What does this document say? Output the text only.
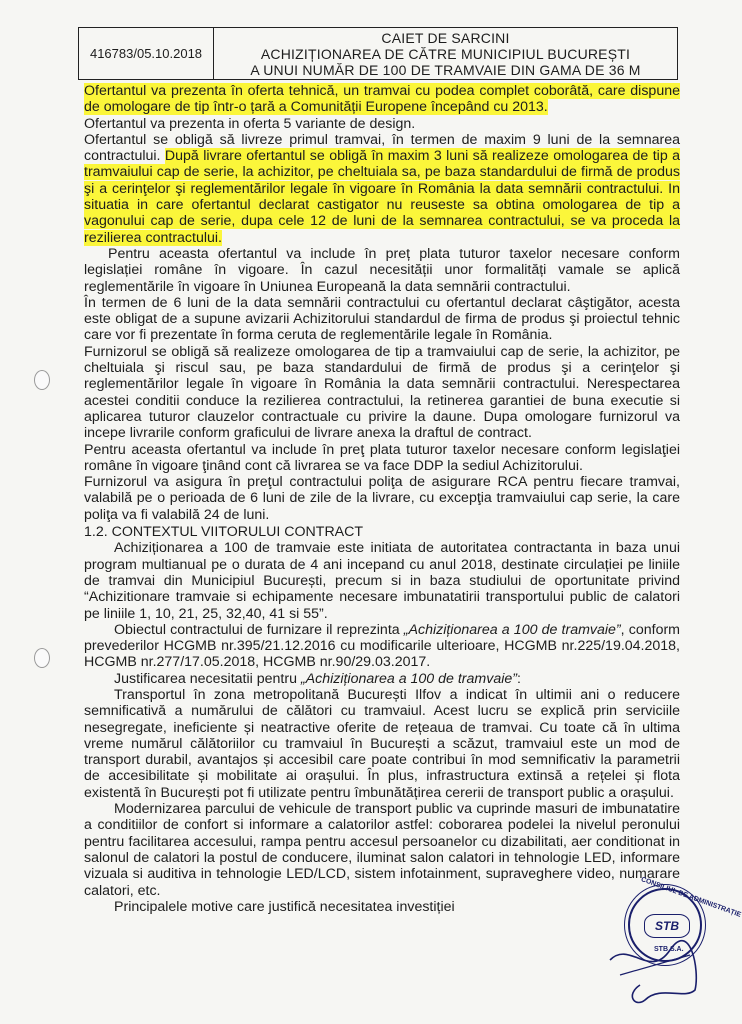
416783/05.10.2018
CAIET DE SARCINI
ACHIZIȚIONAREA DE CĂTRE MUNICIPIUL BUCUREȘTI
A UNUI NUMĂR DE 100 DE TRAMVAIE DIN GAMA DE 36 M

Ofertantul va prezenta în oferta tehnică, un tramvai cu podea complet coborâtă, care dispune de omologare de tip într-o țară a Comunității Europene începând cu 2013.

Ofertantul va prezenta in oferta 5 variante de design.

Ofertantul se obligă să livreze primul tramvai, în termen de maxim 9 luni de la semnarea contractului. După livrare ofertantul se obligă în maxim 3 luni să realizeze omologarea de tip a tramvaiului cap de serie, la achizitor, pe cheltuiala sa, pe baza standardului de firmă de produs şi a cerinţelor şi reglementărilor legale în vigoare în România la data semnării contractului. In situatia in care ofertantul declarat castigator nu reuseste sa obtina omologarea de tip a vagonului cap de serie, dupa cele 12 de luni de la semnarea contractului, se va proceda la rezilierea contractului.

Pentru aceasta ofertantul va include în preț plata tuturor taxelor necesare conform legislației române în vigoare. În cazul necesității unor formalități vamale se aplică reglementările în vigoare în Uniunea Europeană la data semnării contractului.

În termen de 6 luni de la data semnării contractului cu ofertantul declarat câştigător, acesta este obligat de a supune avizarii Achizitorului standardul de firma de produs şi proiectul tehnic care vor fi prezentate în forma ceruta de reglementările legale în România.

Furnizorul se obligă să realizeze omologarea de tip a tramvaiului cap de serie, la achizitor, pe cheltuiala şi riscul sau, pe baza standardului de firmă de produs şi a cerinţelor şi reglementărilor legale în vigoare în România la data semnării contractului. Nerespectarea acestei conditii conduce la rezilierea contractului, la retinerea garantiei de buna executie si aplicarea tuturor clauzelor contractuale cu privire la daune. Dupa omologare furnizorul va incepe livrarile conform graficului de livrare anexa la draftul de contract.

Pentru aceasta ofertantul va include în preţ plata tuturor taxelor necesare conform legislaţiei române în vigoare ţinând cont că livrarea se va face DDP la sediul Achizitorului.

Furnizorul va asigura în preţul contractului poliţa de asigurare RCA pentru fiecare tramvai, valabilă pe o perioada de 6 luni de zile de la livrare, cu excepţia tramvaiului cap serie, la care poliţa va fi valabilă 24 de luni.

1.2. CONTEXTUL VIITORULUI CONTRACT

Achiziționarea a 100 de tramvaie este initiata de autoritatea contractanta in baza unui program multianual pe o durata de 4 ani incepand cu anul 2018, destinate circulației pe liniile de tramvai din Municipiul București, precum si in baza studiului de oportunitate privind “Achizitionare tramvaie si echipamente necesare imbunatatirii transportului public de calatori pe liniile 1, 10, 21, 25, 32,40, 41 si 55”.

Obiectul contractului de furnizare il reprezinta „Achiziționarea a 100 de tramvaie”, conform prevederilor HCGMB nr.395/21.12.2016 cu modificarile ulterioare, HCGMB nr.225/19.04.2018, HCGMB nr.277/17.05.2018, HCGMB nr.90/29.03.2017.

Justificarea necesitatii pentru „Achiziționarea a 100 de tramvaie”:

Transportul în zona metropolitană București Ilfov a indicat în ultimii ani o reducere semnificativă a numărului de călători cu tramvaiul. Acest lucru se explică prin serviciile nesegregate, ineficiente și neatractive oferite de rețeaua de tramvai. Cu toate că în ultima vreme numărul călătoriilor cu tramvaiul în București a scăzut, tramvaiul este un mod de transport durabil, avantajos și accesibil care poate contribui în mod semnificativ la parametrii de accesibilitate și mobilitate ai orașului. În plus, infrastructura extinsă a rețelei și flota existentă în București pot fi utilizate pentru îmbunătățirea cererii de transport public a orașului.

Modernizarea parcului de vehicule de transport public va cuprinde masuri de imbunatatire a conditiilor de confort si informare a calatorilor astfel: coborarea podelei la nivelul peronului pentru facilitarea accesului, rampa pentru accesul persoanelor cu dizabilitati, aer conditionat in salonul de calatori la postul de conducere, iluminat salon calatori in tehnologie LED, informare vizuala si auditiva in tehnologie LED/LCD, sistem infotainment, supraveghere video, numarare calatori, etc.

Principalele motive care justifică necesitatea investiției	CONSILIUL DE ADMINISTRAȚIE
STB
STB S.A.
